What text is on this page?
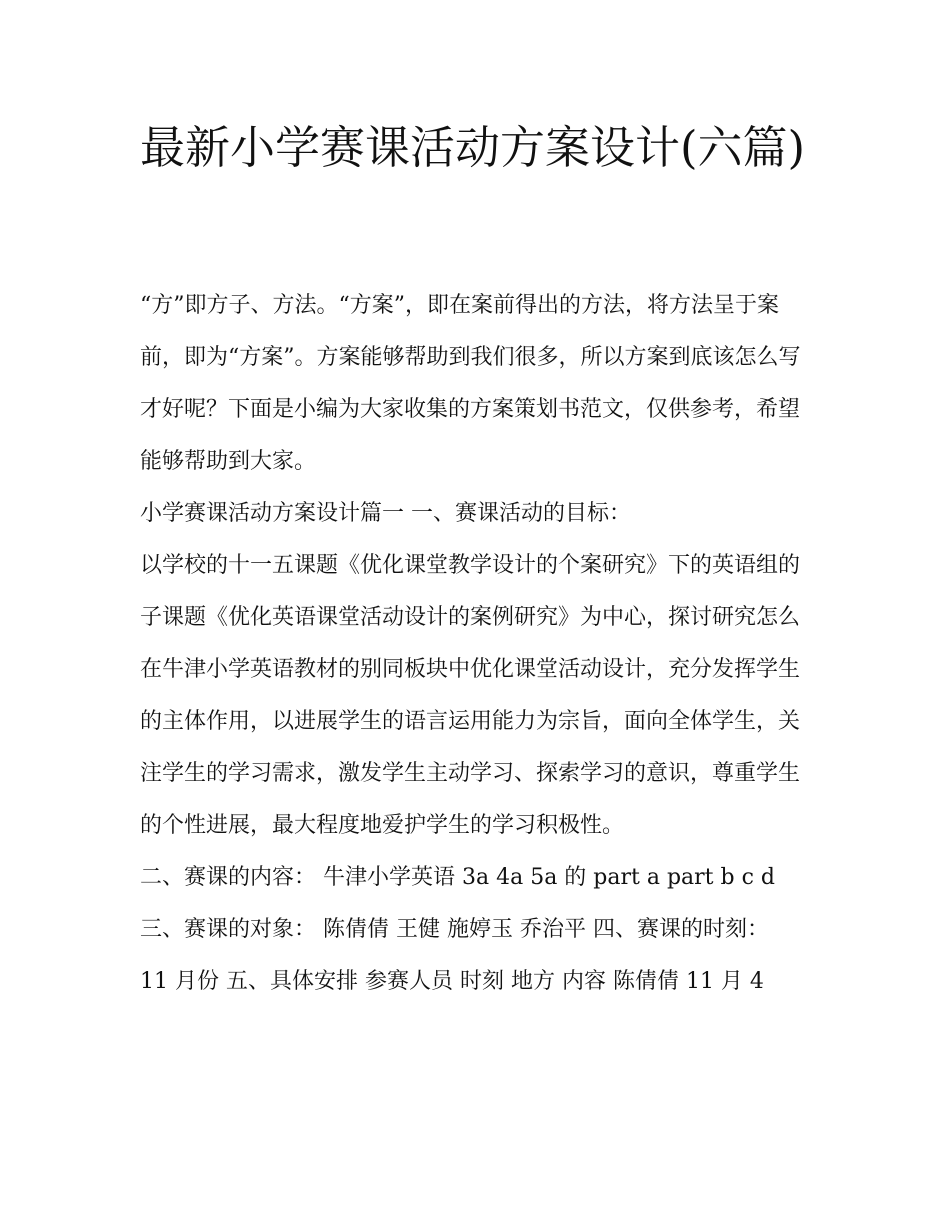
最新小学赛课活动方案设计(六篇)

“方”即方子、方法。“方案”，即在案前得出的方法，将方法呈于案前，即为“方案”。方案能够帮助到我们很多，所以方案到底该怎么写才好呢？下面是小编为大家收集的方案策划书范文，仅供参考，希望能够帮助到大家。

小学赛课活动方案设计篇一 一、赛课活动的目标：

以学校的十一五课题《优化课堂教学设计的个案研究》下的英语组的子课题《优化英语课堂活动设计的案例研究》为中心，探讨研究怎么在牛津小学英语教材的别同板块中优化课堂活动设计，充分发挥学生的主体作用，以进展学生的语言运用能力为宗旨，面向全体学生，关注学生的学习需求，激发学生主动学习、探索学习的意识，尊重学生的个性进展，最大程度地爱护学生的学习积极性。

二、赛课的内容： 牛津小学英语 3a 4a 5a 的 part a part b c d

三、赛课的对象： 陈倩倩 王健 施婷玉 乔治平 四、赛课的时刻：

11 月份 五、具体安排 参赛人员 时刻 地方 内容 陈倩倩 11 月 4
